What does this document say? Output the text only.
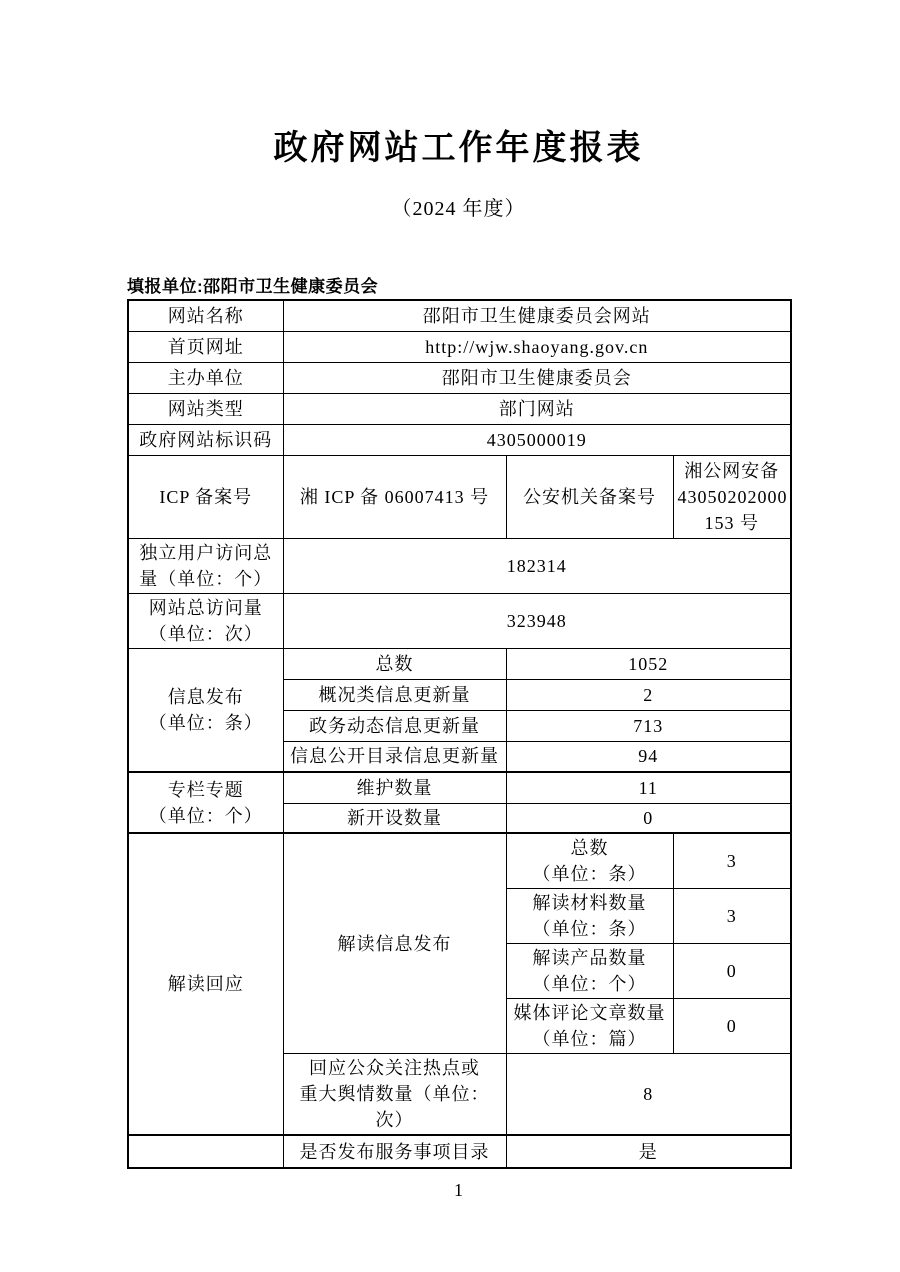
政府网站工作年度报表
（2024 年度）
填报单位:邵阳市卫生健康委员会
网站名称	邵阳市卫生健康委员会网站		
首页网址	http://wjw.shaoyang.gov.cn		
主办单位	邵阳市卫生健康委员会		
网站类型	部门网站		
政府网站标识码	4305000019		
ICP 备案号	湘 ICP 备 06007413 号	公安机关备案号	湘公网安备
43050202000
153 号
独立用户访问总量（单位：个）	182314		
网站总访问量
（单位：次）	323948		
信息发布
（单位：条）	总数	1052	
	概况类信息更新量	2	
	政务动态信息更新量	713	
	信息公开目录信息更新量	94	
专栏专题
（单位：个）	维护数量	11	
	新开设数量	0	
解读回应	解读信息发布	总数
（单位：条）	3
		解读材料数量
（单位：条）	3
		解读产品数量
（单位：个）	0
		媒体评论文章数量
（单位：篇）	0
	回应公众关注热点或
重大舆情数量（单位：
次）	8	
	是否发布服务事项目录	是	
1
